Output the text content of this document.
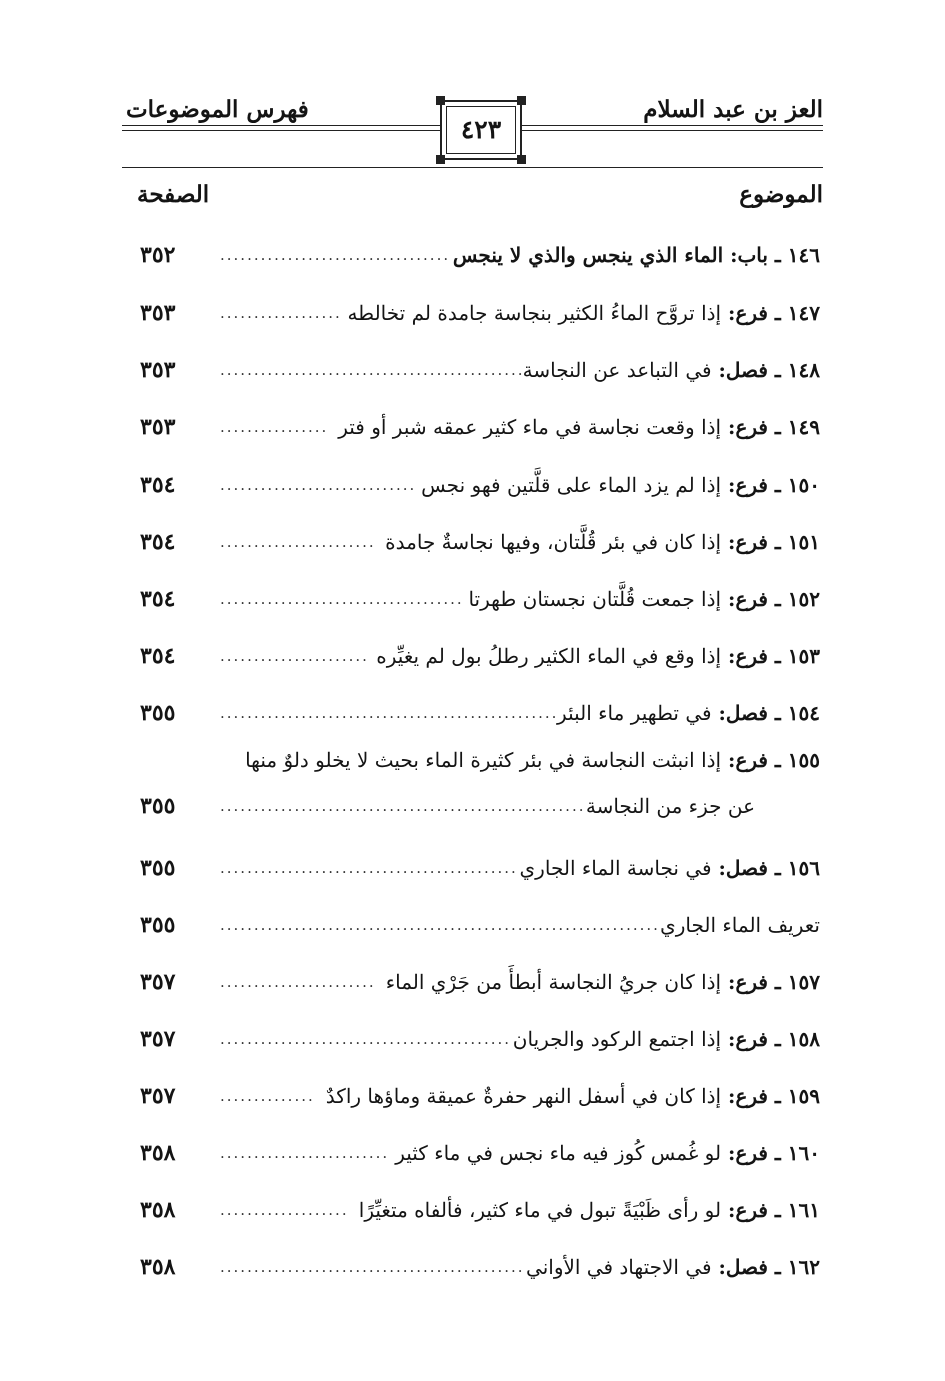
العز بن عبد السلام
فهرس الموضوعات
٤٢٣
الموضوع
الصفحة
١٤٦ ـ باب: الماء الذي ينجس والذي لا ينجس
..................................
٣٥٢
١٤٧ ـ فرع: إذا تروَّح الماءُ الكثير بنجاسة جامدة لم تخالطه
..................
٣٥٣
١٤٨ ـ فصل: في التباعد عن النجاسة
.............................................
٣٥٣
١٤٩ ـ فرع: إذا وقعت نجاسة في ماء كثير عمقه شبر أو فتر
................
٣٥٣
١٥٠ ـ فرع: إذا لم يزد الماء على قلَّتين فهو نجس
.............................
٣٥٤
١٥١ ـ فرع: إذا كان في بئر قُلَّتان، وفيها نجاسةٌ جامدة
.......................
٣٥٤
١٥٢ ـ فرع: إذا جمعت قُلَّتان نجستان طهرتا
....................................
٣٥٤
١٥٣ ـ فرع: إذا وقع في الماء الكثير رطلُ بول لم يغيِّره
......................
٣٥٤
١٥٤ ـ فصل: في تطهير ماء البئر
..................................................
٣٥٥
١٥٥ ـ فرع: إذا انبثت النجاسة في بئر كثيرة الماء بحيث لا يخلو دلوٌ منها
عن جزء من النجاسة
......................................................
٣٥٥
١٥٦ ـ فصل: في نجاسة الماء الجاري
............................................
٣٥٥
تعريف الماء الجاري
..................................................................
٣٥٥
١٥٧ ـ فرع: إذا كان جريُ النجاسة أبطأَ من جَرْي الماء
.......................
٣٥٧
١٥٨ ـ فرع: إذا اجتمع الركود والجريان
...........................................
٣٥٧
١٥٩ ـ فرع: إذا كان في أسفل النهر حفرةٌ عميقة وماؤها راكدٌ
..............
٣٥٧
١٦٠ ـ فرع: لو غُمس كُوز فيه ماء نجس في ماء كثير
.........................
٣٥٨
١٦١ ـ فرع: لو رأى ظَبْيَةً تبول في ماء كثير، فألفاه متغيِّرًا
...................
٣٥٨
١٦٢ ـ فصل: في الاجتهاد في الأواني
.............................................
٣٥٨
